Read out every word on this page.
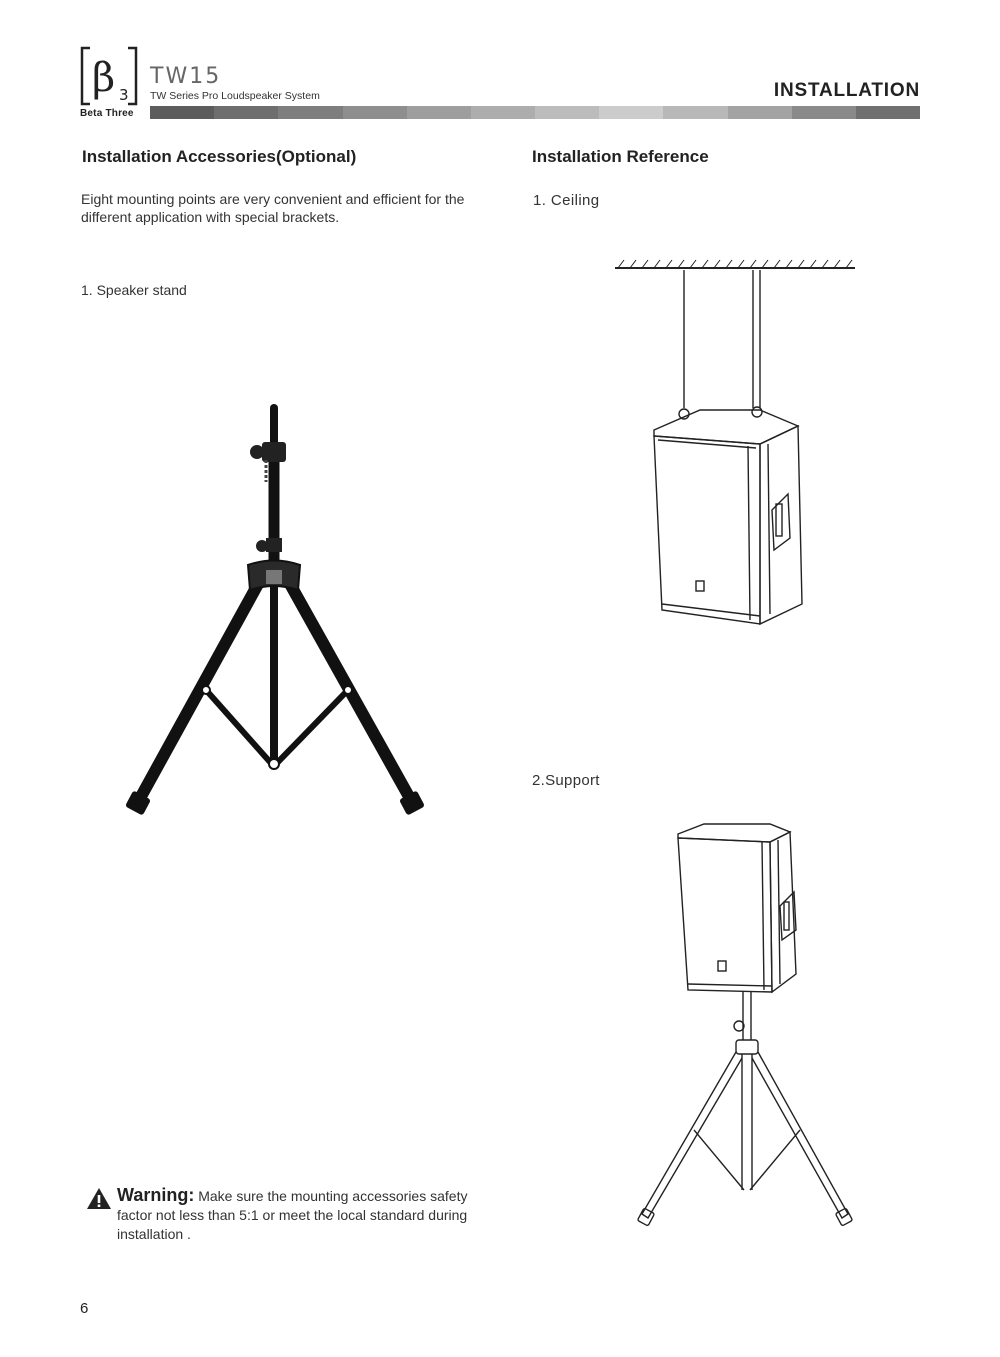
β 3
Beta Three
TW15
TW Series Pro Loudspeaker System	INSTALLATION
Installation Accessories(Optional)
Eight mounting points are very convenient and efficient for the different application with special brackets.
1. Speaker stand
Warning: Make sure the mounting accessories safety factor not less than 5:1 or meet the local standard during installation .
6
Installation Reference
1. Ceiling
2.Support
